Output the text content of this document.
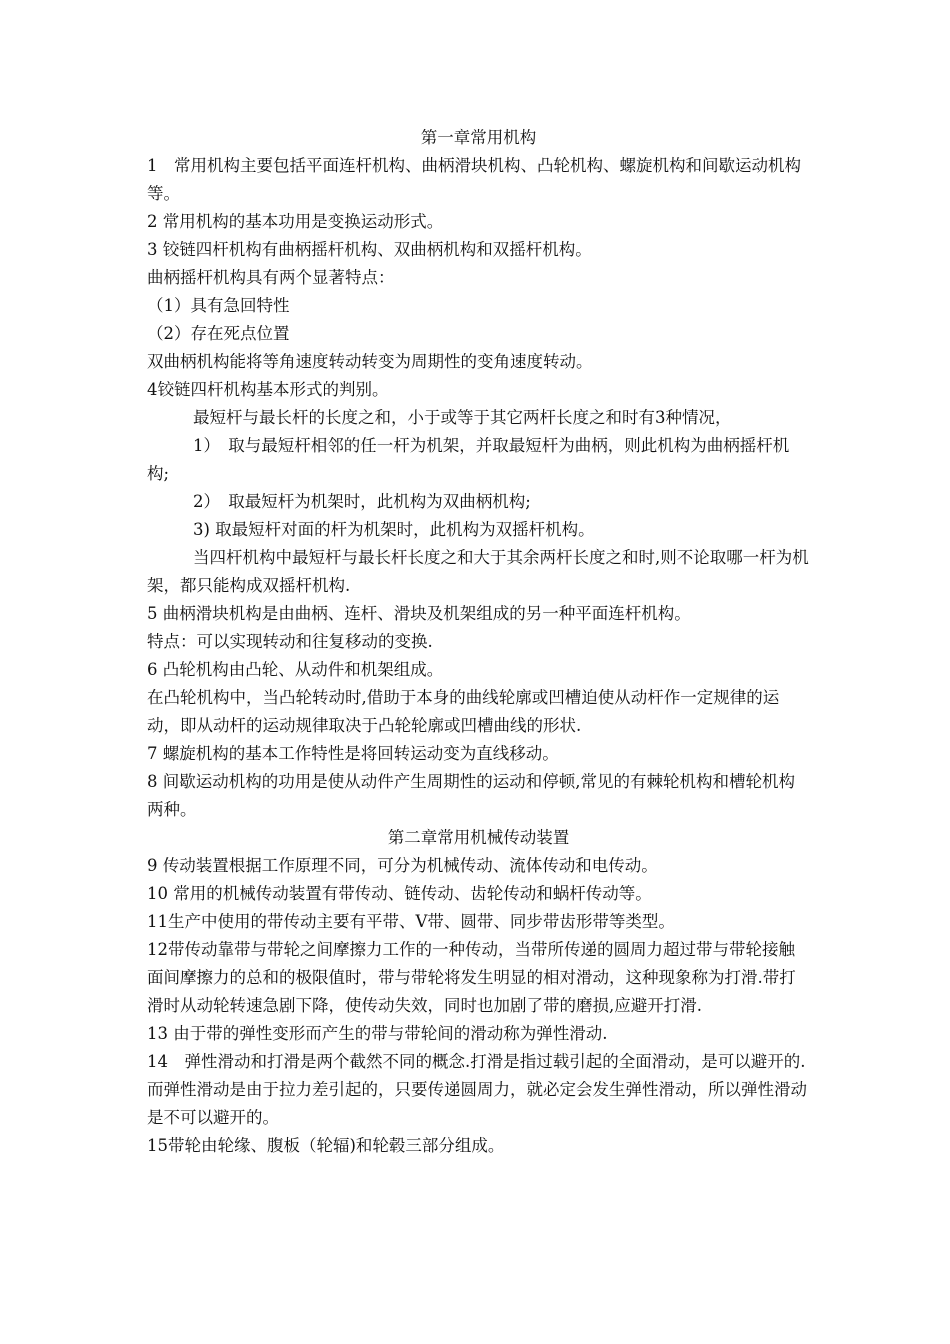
第一章常用机构

1　常用机构主要包括平面连杆机构、曲柄滑块机构、凸轮机构、螺旋机构和间歇运动机构等。

2 常用机构的基本功用是变换运动形式。

3 铰链四杆机构有曲柄摇杆机构、双曲柄机构和双摇杆机构。

曲柄摇杆机构具有两个显著特点：

（1）具有急回特性

（2）存在死点位置

双曲柄机构能将等角速度转动转变为周期性的变角速度转动。

4铰链四杆机构基本形式的判别。

最短杆与最长杆的长度之和，小于或等于其它两杆长度之和时有3种情况，

1）　取与最短杆相邻的任一杆为机架，并取最短杆为曲柄，则此机构为曲柄摇杆机构;

2）　取最短杆为机架时，此机构为双曲柄机构;

3) 取最短杆对面的杆为机架时，此机构为双摇杆机构。

当四杆机构中最短杆与最长杆长度之和大于其余两杆长度之和时,则不论取哪一杆为机架，都只能构成双摇杆机构.

5 曲柄滑块机构是由曲柄、连杆、滑块及机架组成的另一种平面连杆机构。

特点：可以实现转动和往复移动的变换.

6 凸轮机构由凸轮、从动件和机架组成。

在凸轮机构中，当凸轮转动时,借助于本身的曲线轮廓或凹槽迫使从动杆作一定规律的运动，即从动杆的运动规律取决于凸轮轮廓或凹槽曲线的形状.

7 螺旋机构的基本工作特性是将回转运动变为直线移动。

8 间歇运动机构的功用是使从动件产生周期性的运动和停顿,常见的有棘轮机构和槽轮机构两种。

第二章常用机械传动装置

9 传动装置根据工作原理不同，可分为机械传动、流体传动和电传动。

10 常用的机械传动装置有带传动、链传动、齿轮传动和蜗杆传动等。

11生产中使用的带传动主要有平带、V带、圆带、同步带齿形带等类型。

12带传动靠带与带轮之间摩擦力工作的一种传动，当带所传递的圆周力超过带与带轮接触面间摩擦力的总和的极限值时，带与带轮将发生明显的相对滑动，这种现象称为打滑.带打滑时从动轮转速急剧下降，使传动失效，同时也加剧了带的磨损,应避开打滑.

13 由于带的弹性变形而产生的带与带轮间的滑动称为弹性滑动.

14　弹性滑动和打滑是两个截然不同的概念.打滑是指过载引起的全面滑动，是可以避开的.而弹性滑动是由于拉力差引起的，只要传递圆周力，就必定会发生弹性滑动，所以弹性滑动是不可以避开的。

15带轮由轮缘、腹板（轮辐)和轮毂三部分组成。
